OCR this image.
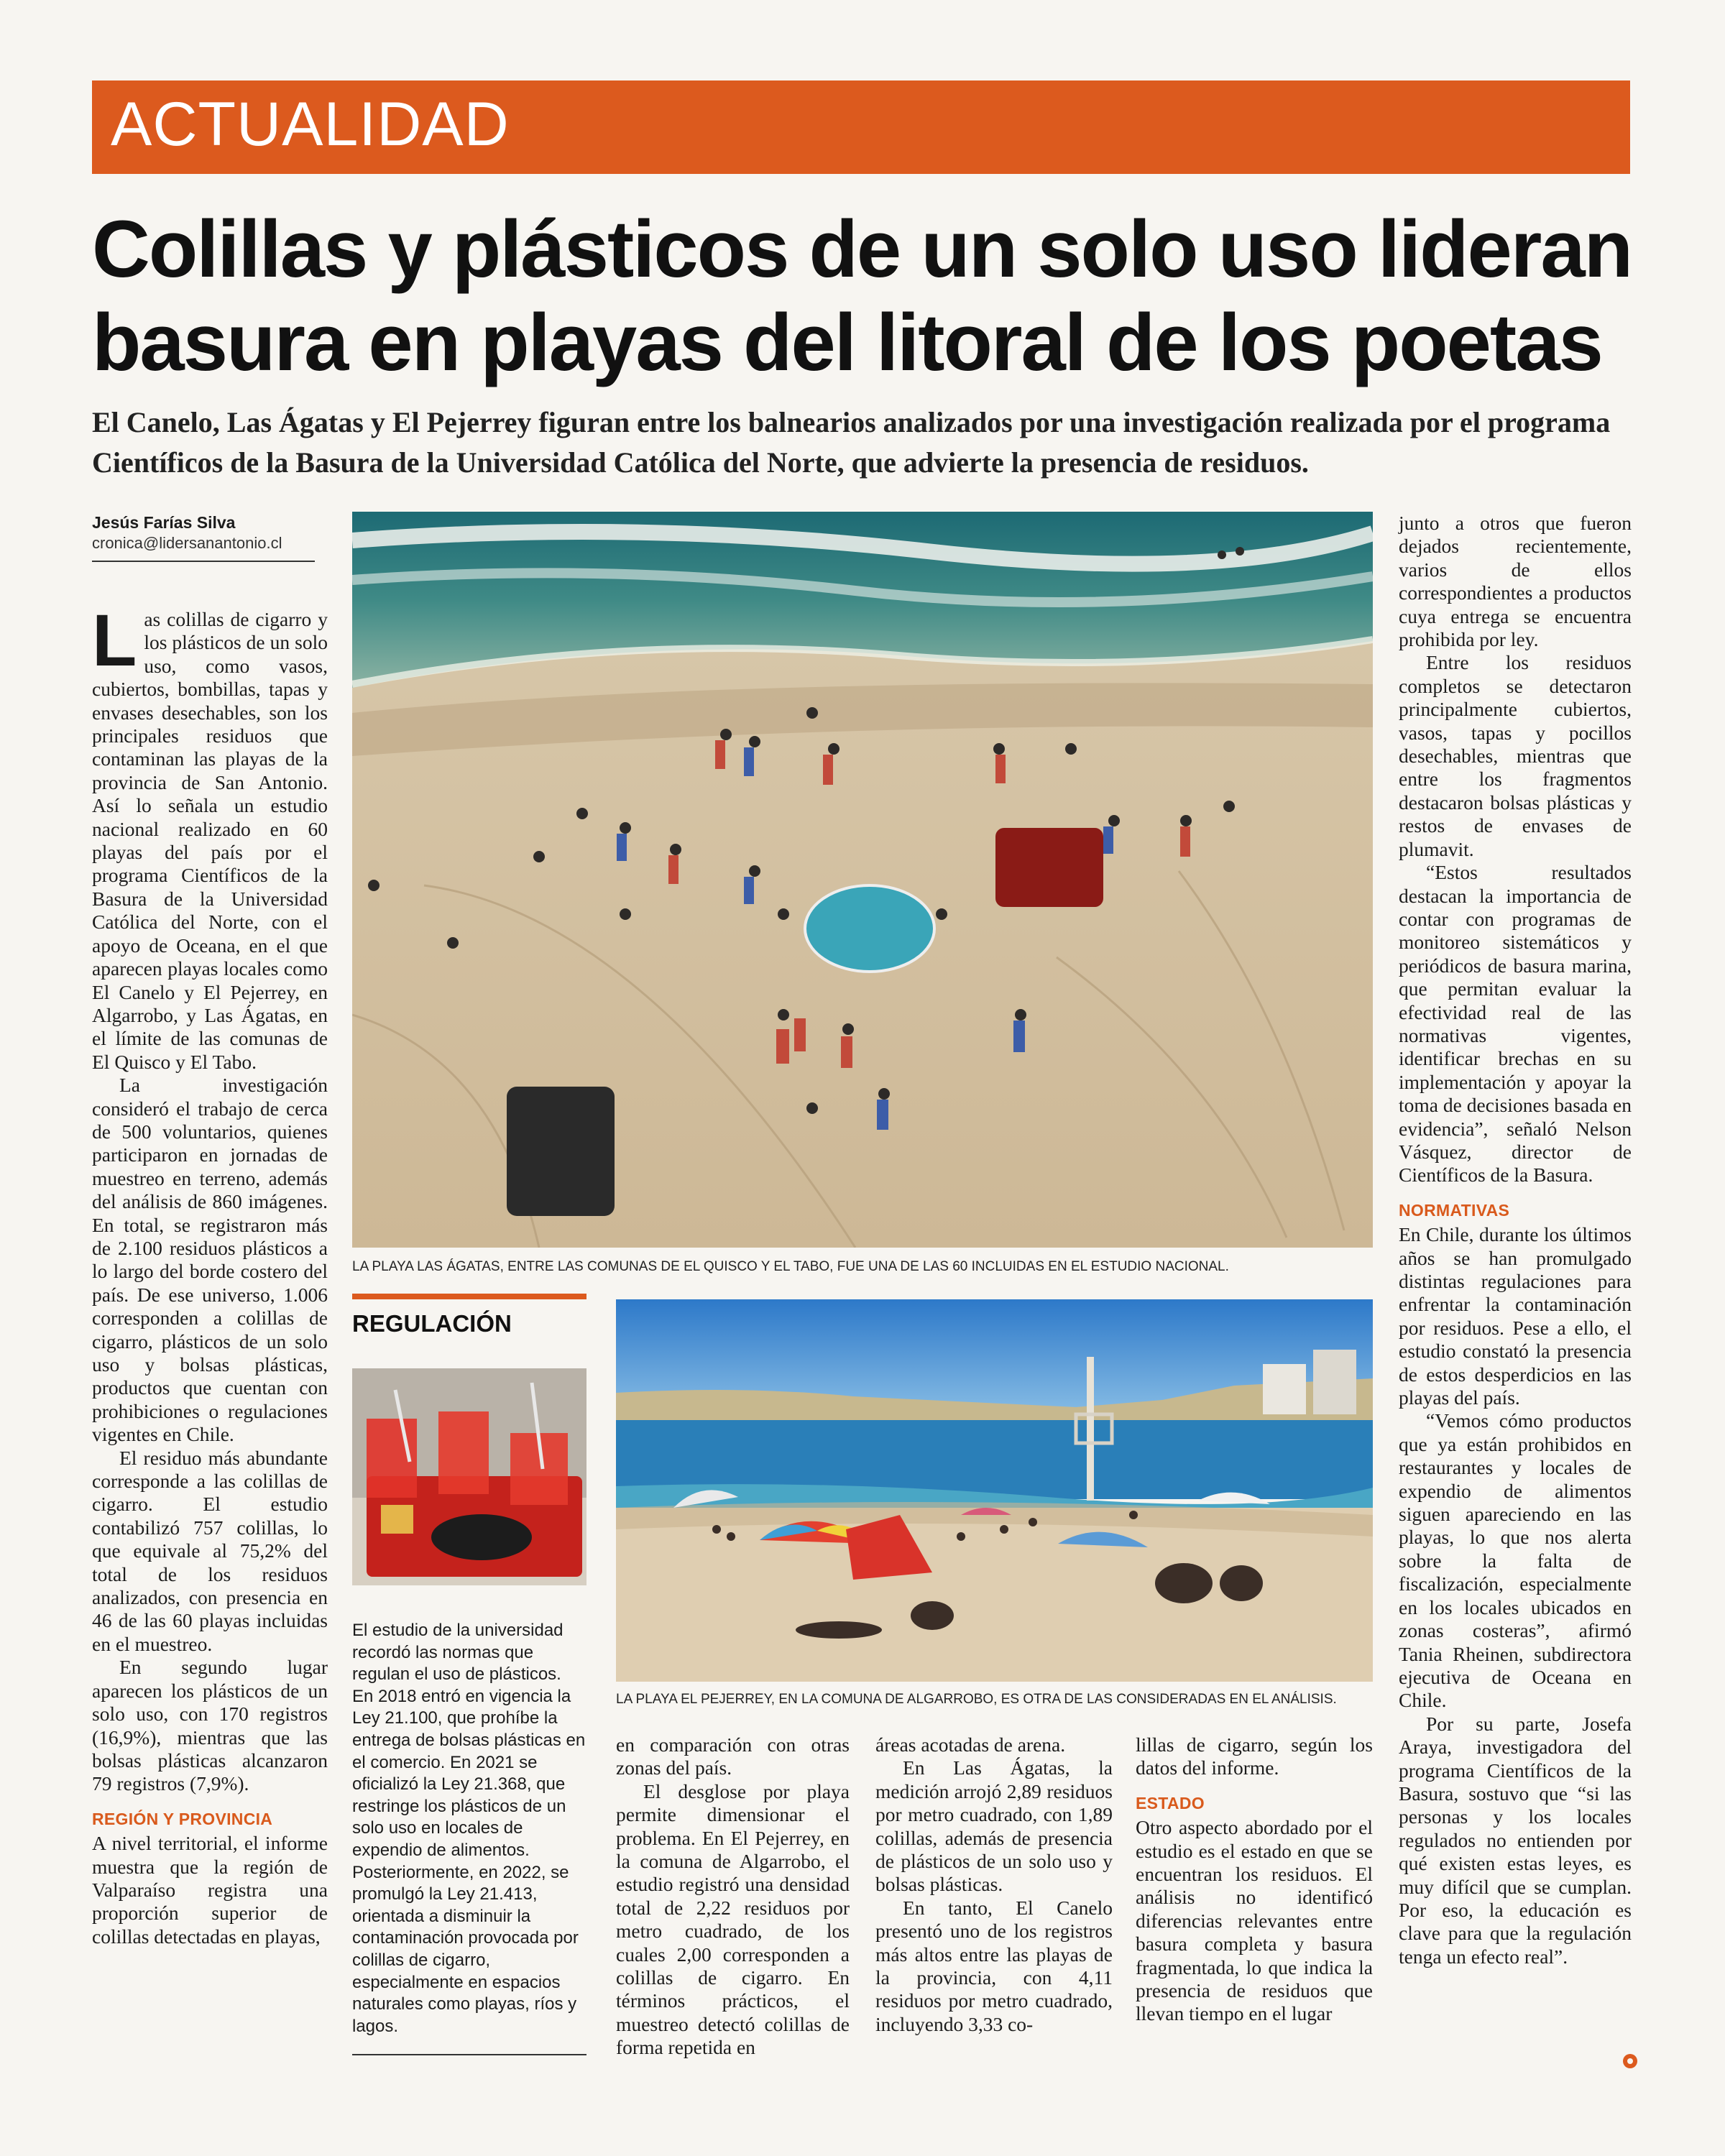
ACTUALIDAD
Colillas y plásticos de un solo uso lideran basura en playas del litoral de los poetas

El Canelo, Las Ágatas y El Pejerrey figuran entre los balnearios analizados por una investigación realizada por el programa Científicos de la Basura de la Universidad Católica del Norte, que advierte la presencia de residuos.

Jesús Farías Silva
cronica@lidersanantonio.cl

Las colillas de cigarro y los plásticos de un solo uso, como vasos, cubiertos, bombillas, tapas y envases desechables, son los principales residuos que contaminan las playas de la provincia de San Antonio. Así lo señala un estudio nacional realizado en 60 playas del país por el programa Científicos de la Basura de la Universidad Católica del Norte, con el apoyo de Oceana, en el que aparecen playas locales como El Canelo y El Pejerrey, en Algarrobo, y Las Ágatas, en el límite de las comunas de El Quisco y El Tabo.

La investigación consideró el trabajo de cerca de 500 voluntarios, quienes participaron en jornadas de muestreo en terreno, además del análisis de 860 imágenes. En total, se registraron más de 2.100 residuos plásticos a lo largo del borde costero del país. De ese universo, 1.006 corresponden a colillas de cigarro, plásticos de un solo uso y bolsas plásticas, productos que cuentan con prohibiciones o regulaciones vigentes en Chile.

El residuo más abundante corresponde a las colillas de cigarro. El estudio contabilizó 757 colillas, lo que equivale al 75,2% del total de los residuos analizados, con presencia en 46 de las 60 playas incluidas en el muestreo.

En segundo lugar aparecen los plásticos de un solo uso, con 170 registros (16,9%), mientras que las bolsas plásticas alcanzaron 79 registros (7,9%).

REGIÓN Y PROVINCIA

A nivel territorial, el informe muestra que la región de Valparaíso registra una proporción superior de colillas detectadas en playas,

LA PLAYA LAS ÁGATAS, ENTRE LAS COMUNAS DE EL QUISCO Y EL TABO, FUE UNA DE LAS 60 INCLUIDAS EN EL ESTUDIO NACIONAL.
REGULACIÓN
El estudio de la universidad recordó las normas que regulan el uso de plásticos. En 2018 entró en vigencia la Ley 21.100, que prohíbe la entrega de bolsas plásticas en el comercio. En 2021 se oficializó la Ley 21.368, que restringe los plásticos de un solo uso en locales de expendio de alimentos. Posteriormente, en 2022, se promulgó la Ley 21.413, orientada a disminuir la contaminación provocada por colillas de cigarro, especialmente en espacios naturales como playas, ríos y lagos.
LA PLAYA EL PEJERREY, EN LA COMUNA DE ALGARROBO, ES OTRA DE LAS CONSIDERADAS EN EL ANÁLISIS.

en comparación con otras zonas del país.

El desglose por playa permite dimensionar el problema. En El Pejerrey, en la comuna de Algarrobo, el estudio registró una densidad total de 2,22 residuos por metro cuadrado, de los cuales 2,00 corresponden a colillas de cigarro. En términos prácticos, el muestreo detectó colillas de forma repetida en

áreas acotadas de arena.

En Las Ágatas, la medición arrojó 2,89 residuos por metro cuadrado, con 1,89 colillas, además de presencia de plásticos de un solo uso y bolsas plásticas.

En tanto, El Canelo presentó uno de los registros más altos entre las playas de la provincia, con 4,11 residuos por metro cuadrado, incluyendo 3,33 co-

lillas de cigarro, según los datos del informe.

ESTADO

Otro aspecto abordado por el estudio es el estado en que se encuentran los residuos. El análisis no identificó diferencias relevantes entre basura completa y basura fragmentada, lo que indica la presencia de residuos que llevan tiempo en el lugar

junto a otros que fueron dejados recientemente, varios de ellos correspondientes a productos cuya entrega se encuentra prohibida por ley.

Entre los residuos completos se detectaron principalmente cubiertos, vasos, tapas y pocillos desechables, mientras que entre los fragmentos destacaron bolsas plásticas y restos de envases de plumavit.

“Estos resultados destacan la importancia de contar con programas de monitoreo sistemáticos y periódicos de basura marina, que permitan evaluar la efectividad real de las normativas vigentes, identificar brechas en su implementación y apoyar la toma de decisiones basada en evidencia”, señaló Nelson Vásquez, director de Científicos de la Basura.

NORMATIVAS

En Chile, durante los últimos años se han promulgado distintas regulaciones para enfrentar la contaminación por residuos. Pese a ello, el estudio constató la presencia de estos desperdicios en las playas del país.

“Vemos cómo productos que ya están prohibidos en restaurantes y locales de expendio de alimentos siguen apareciendo en las playas, lo que nos alerta sobre la falta de fiscalización, especialmente en los locales ubicados en zonas costeras”, afirmó Tania Rheinen, subdirectora ejecutiva de Oceana en Chile.

Por su parte, Josefa Araya, investigadora del programa Científicos de la Basura, sostuvo que “si las personas y los locales regulados no entienden por qué existen estas leyes, es muy difícil que se cumplan. Por eso, la educación es clave para que la regulación tenga un efecto real”.
